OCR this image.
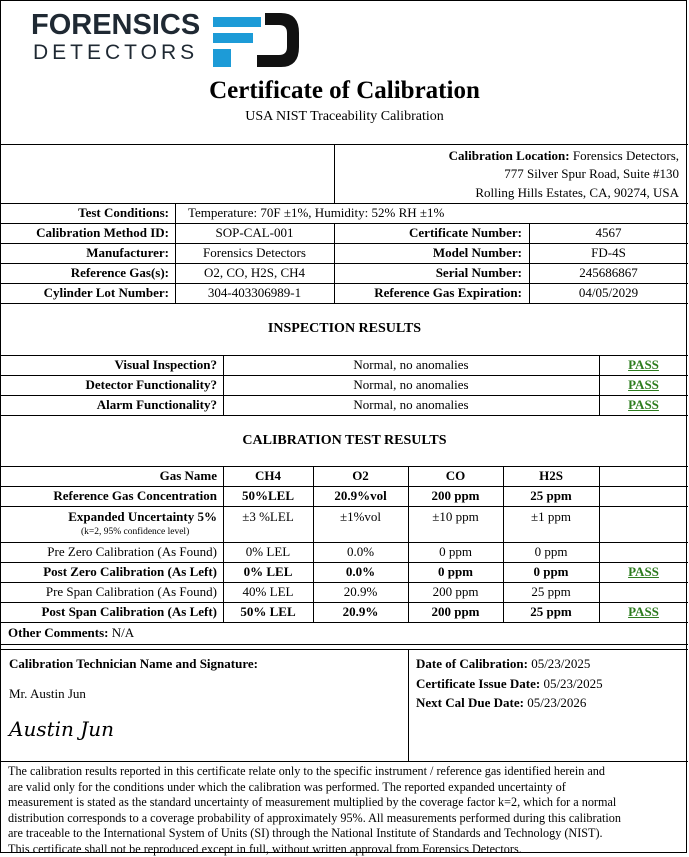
FORENSICS
DETECTORS
Certificate of Calibration
USA NIST Traceability Calibration
Calibration Location: Forensics Detectors,
777 Silver Spur Road, Suite #130
Rolling Hills Estates, CA, 90274, USA
Test Conditions: Temperature: 70F ±1%, Humidity: 52% RH ±1%
Calibration Method ID:	SOP-CAL-001	Certificate Number:	4567
Manufacturer:	Forensics Detectors	Model Number:	FD-4S
Reference Gas(s):	O2, CO, H2S, CH4	Serial Number:	245686867
Cylinder Lot Number:	304-403306989-1	Reference Gas Expiration:	04/05/2029
INSPECTION RESULTS
Visual Inspection?	Normal, no anomalies	PASS
Detector Functionality?	Normal, no anomalies	PASS
Alarm Functionality?	Normal, no anomalies	PASS
CALIBRATION TEST RESULTS
Gas Name	CH4	O2	CO	H2S
Reference Gas Concentration	50%LEL	20.9%vol	200 ppm	25 ppm
Expanded Uncertainty 5%
(k=2, 95% confidence level)
±3 %LEL	±1%vol	±10 ppm	±1 ppm
Pre Zero Calibration (As Found)	0% LEL	0.0%	0 ppm	0 ppm
Post Zero Calibration (As Left)	0% LEL	0.0%	0 ppm	0 ppm	PASS
Pre Span Calibration (As Found)	40% LEL	20.9%	200 ppm	25 ppm
Post Span Calibration (As Left)	50% LEL	20.9%	200 ppm	25 ppm	PASS
Other Comments: N/A
Calibration Technician Name and Signature:
Mr. Austin Jun
Austin Jun
Date of Calibration: 05/23/2025
Certificate Issue Date: 05/23/2025
Next Cal Due Date: 05/23/2026
The calibration results reported in this certificate relate only to the specific instrument / reference gas identified herein and
are valid only for the conditions under which the calibration was performed. The reported expanded uncertainty of
measurement is stated as the standard uncertainty of measurement multiplied by the coverage factor k=2, which for a normal
distribution corresponds to a coverage probability of approximately 95%. All measurements performed during this calibration
are traceable to the International System of Units (SI) through the National Institute of Standards and Technology (NIST).
This certificate shall not be reproduced except in full, without written approval from Forensics Detectors.
